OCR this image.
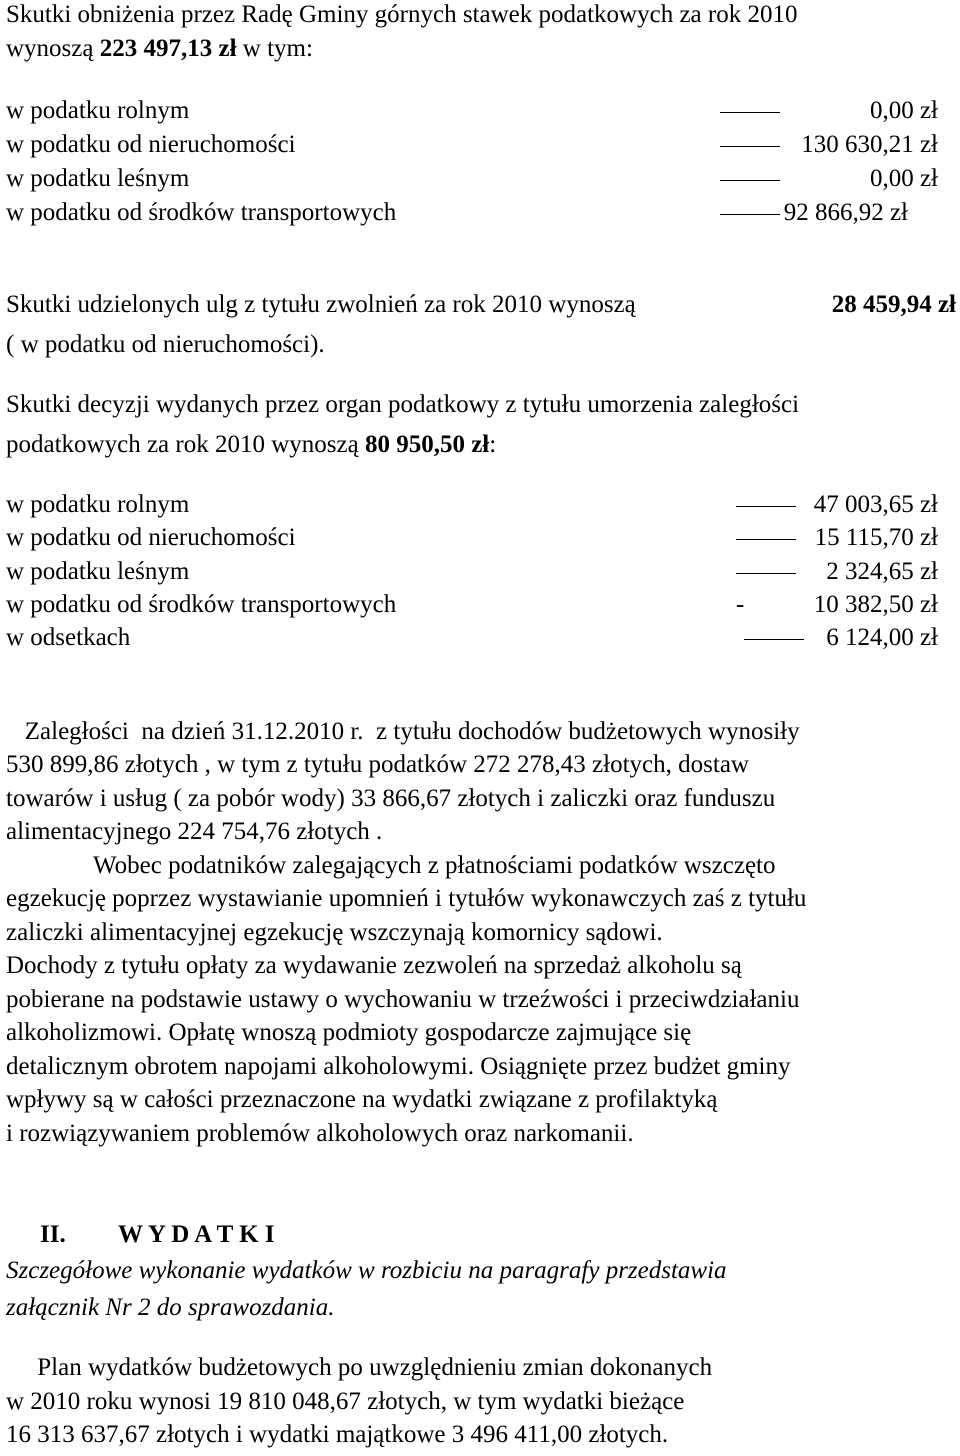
Skutki obniżenia przez Radę Gminy górnych stawek podatkowych za rok 2010
wynoszą 223 497,13 zł w tym:
w podatku rolnym	0,00 zł
w podatku od nieruchomości	130 630,21 zł
w podatku leśnym	0,00 zł
w podatku od środków transportowych	92 866,92 zł
Skutki udzielonych ulg z tytułu zwolnień za rok 2010 wynoszą	28 459,94 zł
( w podatku od nieruchomości).
Skutki decyzji wydanych przez organ podatkowy z tytułu umorzenia zaległości
podatkowych za rok 2010 wynoszą 80 950,50 zł:
w podatku rolnym	47 003,65 zł
w podatku od nieruchomości	15 115,70 zł
w podatku leśnym	2 324,65 zł
w podatku od środków transportowych	-	10 382,50 zł
w odsetkach	6 124,00 zł
Zaległości  na dzień 31.12.2010 r.  z tytułu dochodów budżetowych wynosiły
530 899,86 złotych , w tym z tytułu podatków 272 278,43 złotych, dostaw
towarów i usług ( za pobór wody) 33 866,67 złotych i zaliczki oraz funduszu
alimentacyjnego 224 754,76 złotych .
Wobec podatników zalegających z płatnościami podatków wszczęto
egzekucję poprzez wystawianie upomnień i tytułów wykonawczych zaś z tytułu
zaliczki alimentacyjnej egzekucję wszczynają komornicy sądowi.
Dochody z tytułu opłaty za wydawanie zezwoleń na sprzedaż alkoholu są
pobierane na podstawie ustawy o wychowaniu w trzeźwości i przeciwdziałaniu
alkoholizmowi. Opłatę wnoszą podmioty gospodarcze zajmujące się
detalicznym obrotem napojami alkoholowymi. Osiągnięte przez budżet gminy
wpływy są w całości przeznaczone na wydatki związane z profilaktyką
i rozwiązywaniem problemów alkoholowych oraz narkomanii.
II. W Y D A T K I
Szczegółowe wykonanie wydatków w rozbiciu na paragrafy przedstawia
załącznik Nr 2 do sprawozdania.
Plan wydatków budżetowych po uwzględnieniu zmian dokonanych
w 2010 roku wynosi 19 810 048,67 złotych, w tym wydatki bieżące
16 313 637,67 złotych i wydatki majątkowe 3 496 411,00 złotych.
